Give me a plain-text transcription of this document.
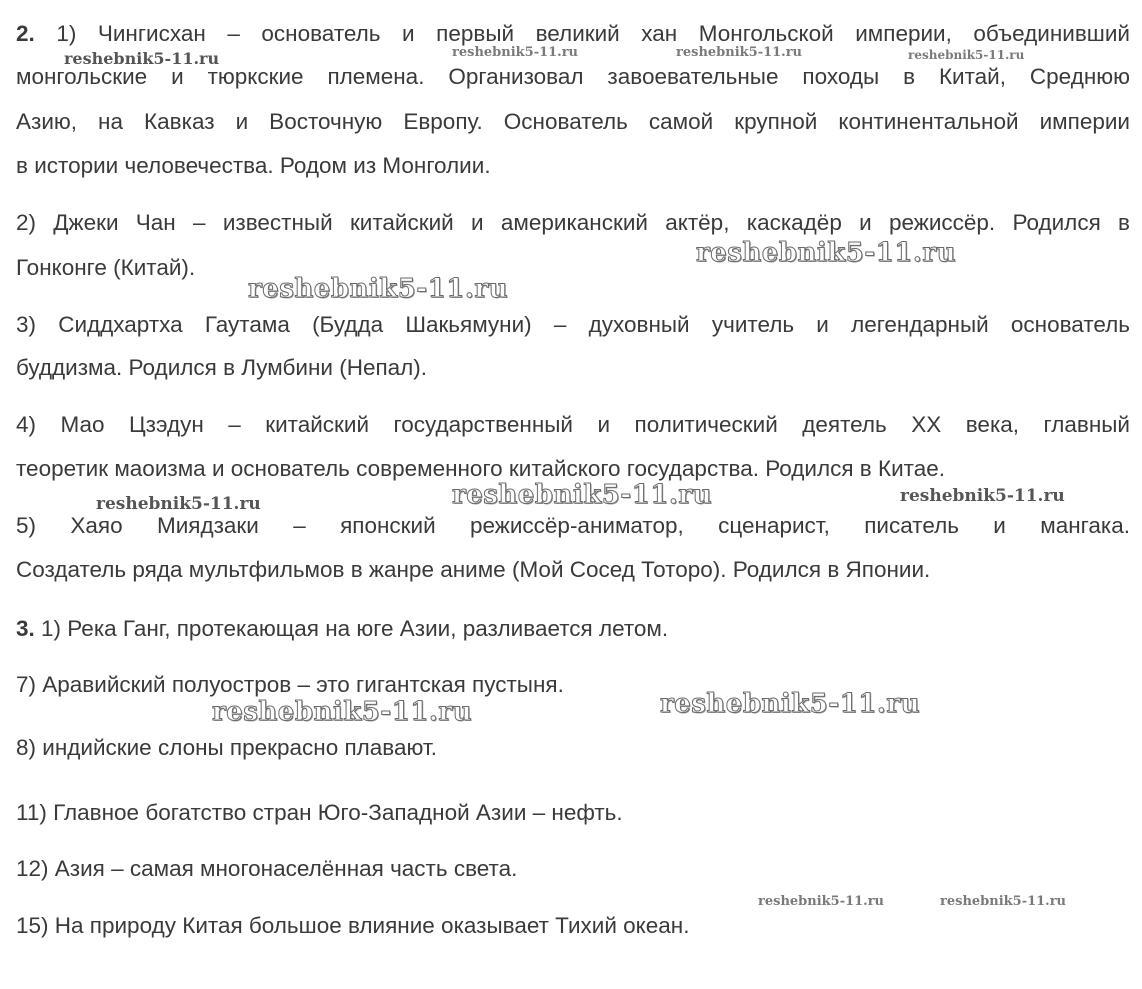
2. 1) Чингисхан – основатель и первый великий хан Монгольской империи, объединивший

монгольские и тюркские племена. Организовал завоевательные походы в Китай, Среднюю

Азию, на Кавказ и Восточную Европу. Основатель самой крупной континентальной империи

в истории человечества. Родом из Монголии.

2) Джеки Чан – известный китайский и американский актёр, каскадёр и режиссёр. Родился в

Гонконге (Китай).

3) Сиддхартха Гаутама (Будда Шакьямуни) – духовный учитель и легендарный основатель

буддизма. Родился в Лумбини (Непал).

4) Мао Цзэдун – китайский государственный и политический деятель XX века, главный

теоретик маоизма и основатель современного китайского государства. Родился в Китае.

5) Хаяо Миядзаки – японский режиссёр-аниматор, сценарист, писатель и мангака.

Создатель ряда мультфильмов в жанре аниме (Мой Сосед Тоторо). Родился в Японии.

3. 1) Река Ганг, протекающая на юге Азии, разливается летом.

7) Аравийский полуостров – это гигантская пустыня.

8) индийские слоны прекрасно плавают.

11) Главное богатство стран Юго-Западной Азии – нефть.

12) Азия – самая многонаселённая часть света.

15) На природу Китая большое влияние оказывает Тихий океан.

reshebnik5-11.ru	reshebnik5-11.ru	reshebnik5-11.ru	reshebnik5-11.ru
reshebnik5-11.ru
reshebnik5-11.ru
reshebnik5-11.ru	reshebnik5-11.ru	reshebnik5-11.ru
reshebnik5-11.ru	reshebnik5-11.ru
reshebnik5-11.ru	reshebnik5-11.ru
